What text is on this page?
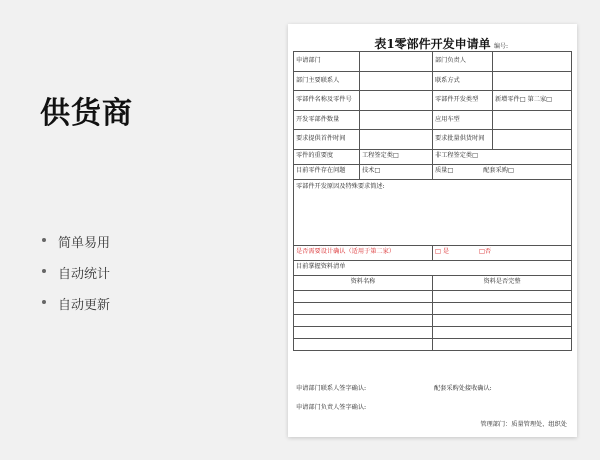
供货商
简单易用
自动统计
自动更新
表1零部件开发申请单 编号:
申请部门		部门负责人	
部门主要联系人		联系方式	
零部件名称及零件号		零部件开发类型	新增零件□ 第二家□
开发零部件数量		应用车型	
要求提供首件时间		要求批量供货时间	
零件的重要度	工程签定类□	非工程签定类□	
目前零件存在问题	技术□	质量□ 配套采购□	
零部件开发原因及特殊要求简述:			
是否需要设计确认（适用于第二家）		□ 是 □否	
目前掌握资料清单			
资料名称		资料是否完整	

申请部门联系人签字确认:	配套采购处接收确认:
申请部门负责人签字确认:
管理部门：质量管理处、组织处
